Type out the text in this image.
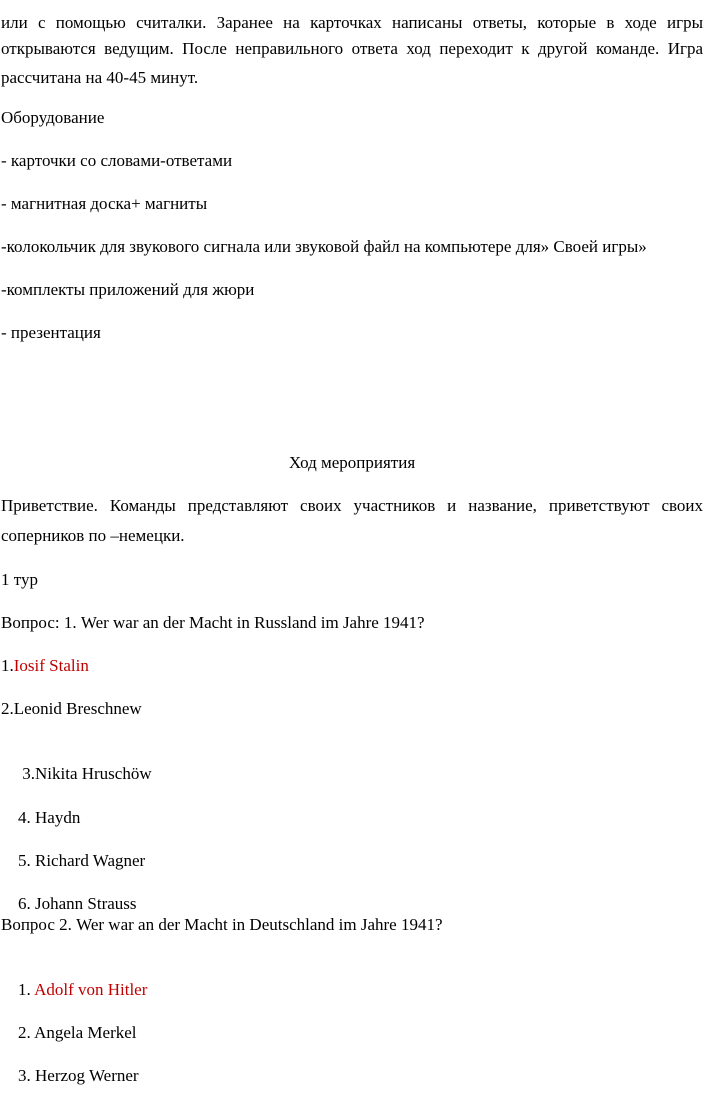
или с помощью считалки. Заранее на карточках написаны ответы, которые в ходе игры
открываются ведущим. После неправильного ответа ход переходит к другой команде. Игра
рассчитана на 40-45 минут.
Оборудование
- карточки со словами-ответами
- магнитная доска+ магниты
-колокольчик для звукового сигнала или звуковой файл на компьютере для» Своей игры»
-комплекты приложений для жюри
- презентация
Ход мероприятия
Приветствие. Команды представляют своих участников и название, приветствуют своих
соперников по –немецки.
1 тур
Вопрос: 1. Wer war an der Macht in Russland im Jahre 1941?
1.Iosif Stalin
2.Leonid Breschnew

3.Nikita Hruschöw

4. Haydn

5. Richard Wagner

6. Johann Strauss

Вопрос 2. Wer war an der Macht in Deutschland im Jahre 1941?

1. Adolf von Hitler

2. Angela Merkel

3. Herzog Werner
